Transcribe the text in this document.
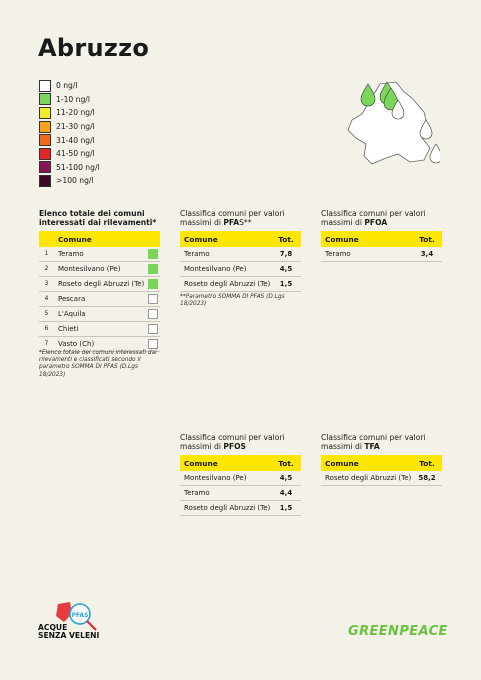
Abruzzo
0 ng/l
1-10 ng/l
11-20 ng/l
21-30 ng/l
31-40 ng/l
41-50 ng/l
51-100 ng/l
>100 ng/l
Elenco totale dei comuni interessati dai rilevamenti*
Comune
1	Teramo
2	Montesilvano (Pe)
3	Roseto degli Abruzzi (Te)
4	Pescara
5	L'Aquila
6	Chieti
7	Vasto (Ch)
*Elenco totale dei comuni interessati dai rilevamenti e classificati secondo il parametro SOMMA DI PFAS (D.Lgs 18/2023)
Classifica comuni per valori massimi di PFAS**
Comune	Tot.
Teramo	7,8
Montesilvano (Pe)	4,5
Roseto degli Abruzzi (Te)	1,5
**Parametro SOMMA DI PFAS (D.Lgs 18/2023)
Classifica comuni per valori massimi di PFOA
Comune	Tot.
Teramo	3,4
Classifica comuni per valori massimi di PFOS
Comune	Tot.
Montesilvano (Pe)	4,5
Teramo	4,4
Roseto degli Abruzzi (Te)	1,5
Classifica comuni per valori massimi di TFA
Comune	Tot.
Roseto degli Abruzzi (Te)	58,2
PFAS
ACQUE
SENZA VELENI	GREENPEACE
